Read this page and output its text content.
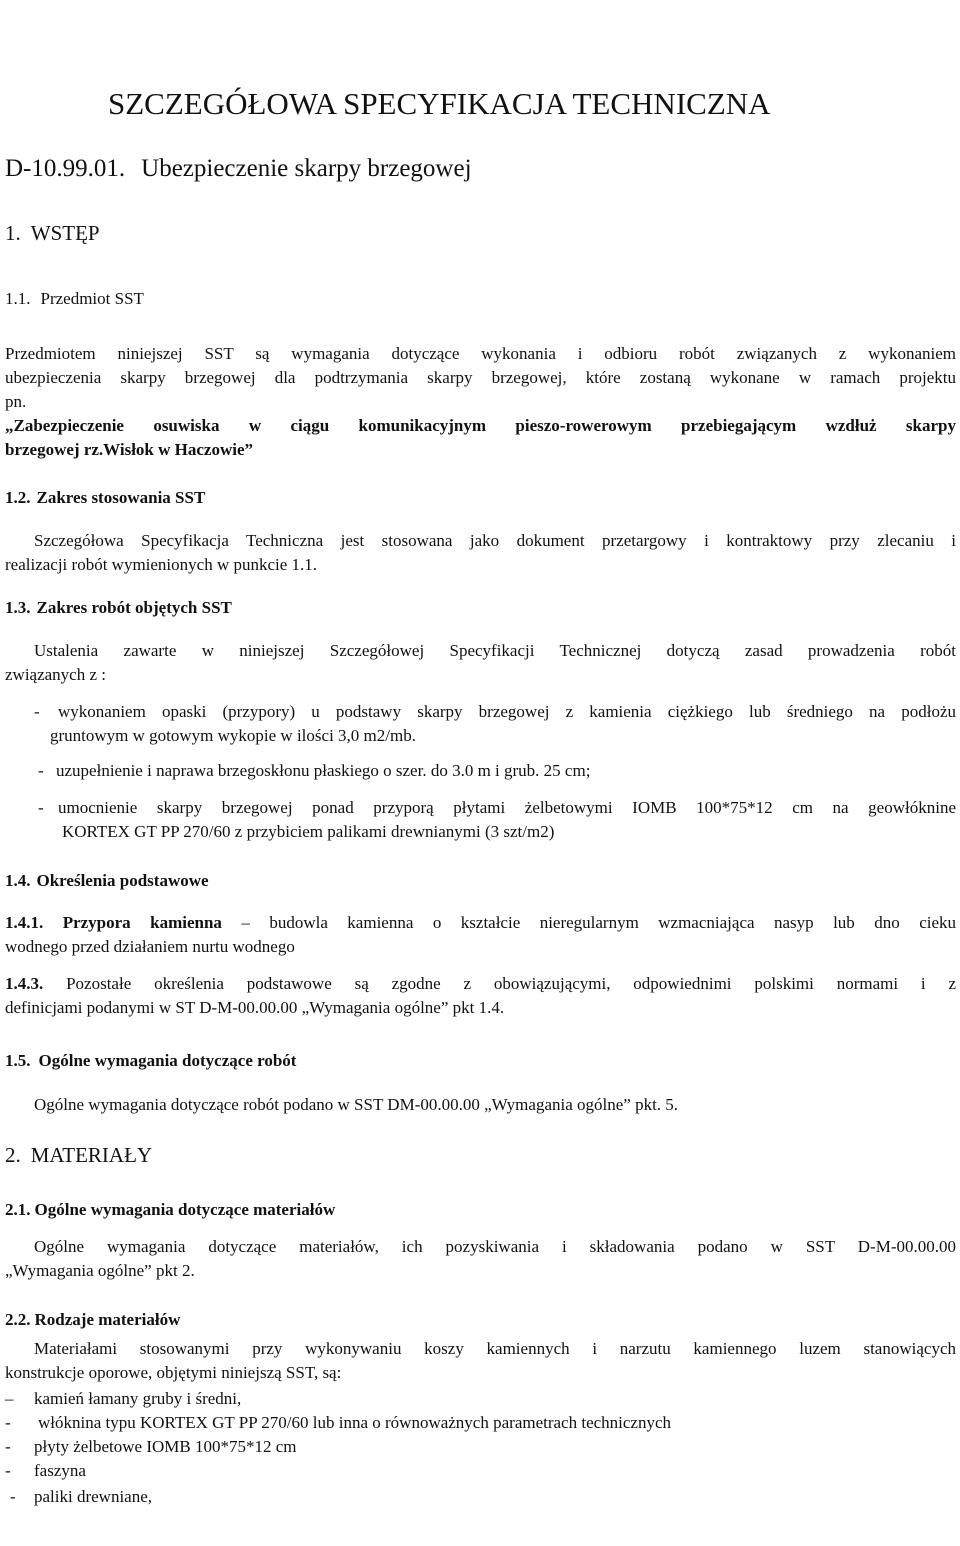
SZCZEGÓŁOWA SPECYFIKACJA TECHNICZNA

D-10.99.01. Ubezpieczenie skarpy brzegowej

1. WSTĘP

1.1. Przedmiot SST

Przedmiotem niniejszej SST są wymagania dotyczące wykonania i odbioru robót związanych z wykonaniem

ubezpieczenia skarpy brzegowej dla podtrzymania skarpy brzegowej, które zostaną wykonane w ramach projektu

pn.

„Zabezpieczenie osuwiska w ciągu komunikacyjnym pieszo-rowerowym przebiegającym wzdłuż skarpy

brzegowej rz.Wisłok w Haczowie”

1.2. Zakres stosowania SST

Szczegółowa Specyfikacja Techniczna jest stosowana jako dokument przetargowy i kontraktowy przy zlecaniu i

realizacji robót wymienionych w punkcie 1.1.

1.3. Zakres robót objętych SST

Ustalenia zawarte w niniejszej Szczegółowej Specyfikacji Technicznej dotyczą zasad prowadzenia robót

związanych z :

- wykonaniem opaski (przypory) u podstawy skarpy brzegowej z kamienia ciężkiego lub średniego na podłożu

gruntowym w gotowym wykopie w ilości 3,0 m2/mb.

- uzupełnienie i naprawa brzegoskłonu płaskiego o szer. do 3.0 m i grub. 25 cm;

- umocnienie skarpy brzegowej ponad przyporą płytami żelbetowymi IOMB 100*75*12 cm na geowłóknine

KORTEX GT PP 270/60 z przybiciem palikami drewnianymi (3 szt/m2)

1.4. Określenia podstawowe

1.4.1. Przypora kamienna – budowla kamienna o kształcie nieregularnym wzmacniająca nasyp lub dno cieku

wodnego przed działaniem nurtu wodnego

1.4.3. Pozostałe określenia podstawowe są zgodne z obowiązującymi, odpowiednimi polskimi normami i z

definicjami podanymi w ST D-M-00.00.00 „Wymagania ogólne” pkt 1.4.

1.5. Ogólne wymagania dotyczące robót

Ogólne wymagania dotyczące robót podano w SST DM-00.00.00 „Wymagania ogólne” pkt. 5.

2. MATERIAŁY

2.1. Ogólne wymagania dotyczące materiałów

Ogólne wymagania dotyczące materiałów, ich pozyskiwania i składowania podano w SST D-M-00.00.00

„Wymagania ogólne” pkt 2.

2.2. Rodzaje materiałów

Materiałami stosowanymi przy wykonywaniu koszy kamiennych i narzutu kamiennego luzem stanowiących

konstrukcje oporowe, objętymi niniejszą SST, są:

– kamień łamany gruby i średni,

- włóknina typu KORTEX GT PP 270/60 lub inna o równoważnych parametrach technicznych

- płyty żelbetowe IOMB 100*75*12 cm

- faszyna

- paliki drewniane,
